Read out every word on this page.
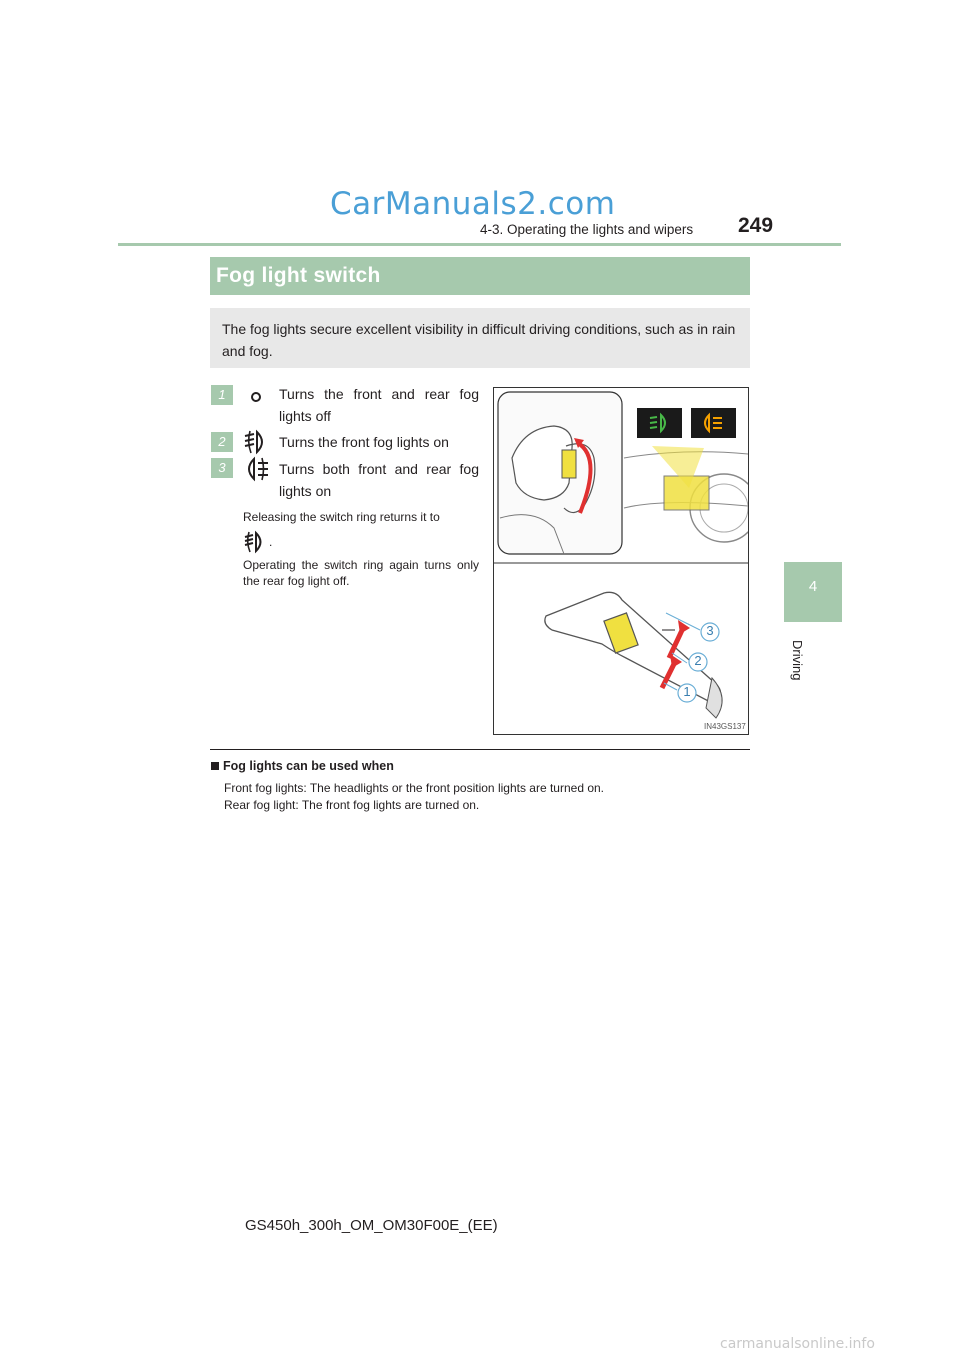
CarManuals2.com
4-3. Operating the lights and wipers 249
4
Driving
Fog light switch
The fog lights secure excellent visibility in difficult driving conditions, such as in rain and fog.
1	Turns the front and rear fog lights off
2	Turns the front fog lights on
3	Turns both front and rear fog lights on
Releasing the switch ring returns it to
.
Operating the switch ring again turns only the rear fog light off.
3
2
1
IN43GS137
Fog lights can be used when
Front fog lights: The headlights or the front position lights are turned on.
Rear fog light: The front fog lights are turned on.
GS450h_300h_OM_OM30F00E_(EE)
carmanualsonline.info
